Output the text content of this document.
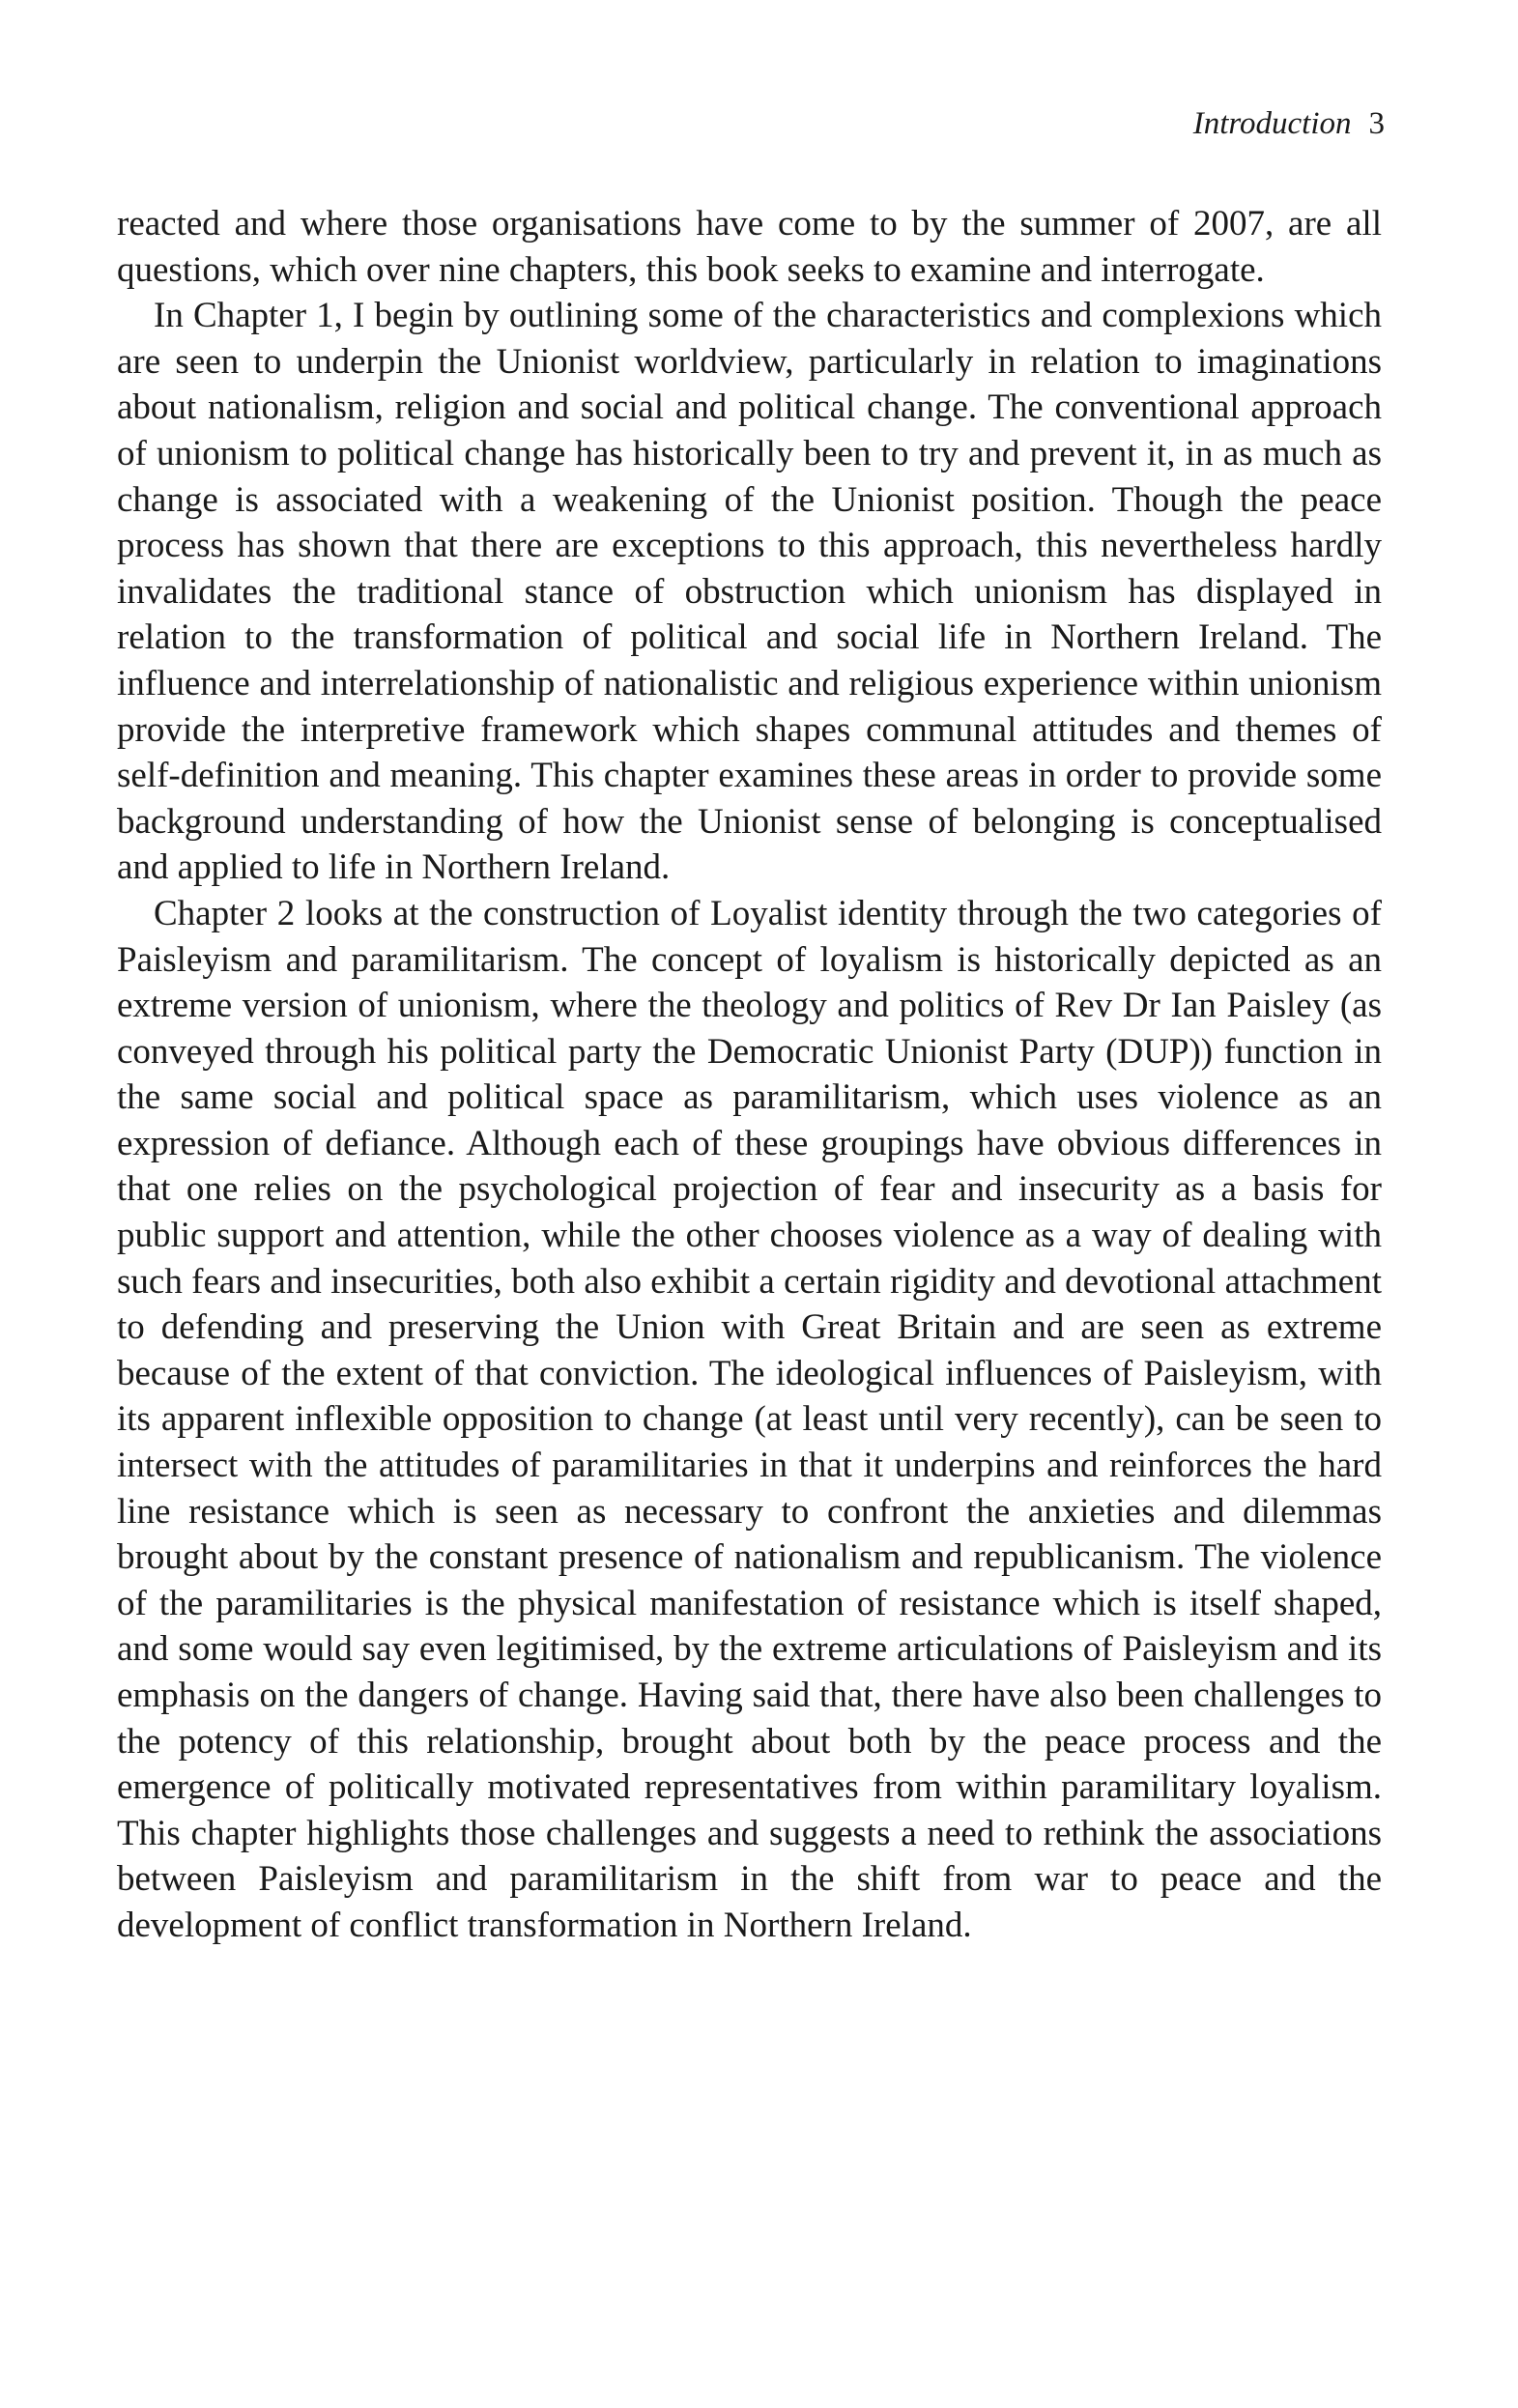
Introduction 3

reacted and where those organisations have come to by the summer of 2007, are all questions, which over nine chapters, this book seeks to examine and interrogate.

In Chapter 1, I begin by outlining some of the characteristics and complexions which are seen to underpin the Unionist worldview, particularly in relation to imaginations about nationalism, religion and social and political change. The conventional approach of unionism to political change has historically been to try and prevent it, in as much as change is associated with a weakening of the Unionist position. Though the peace process has shown that there are exceptions to this approach, this nevertheless hardly invalidates the traditional stance of obstruction which unionism has displayed in relation to the transformation of political and social life in Northern Ireland. The influence and interrelationship of nationalistic and religious experience within unionism provide the interpretive framework which shapes communal attitudes and themes of self-definition and meaning. This chapter examines these areas in order to provide some background understanding of how the Unionist sense of belonging is conceptualised and applied to life in Northern Ireland.

Chapter 2 looks at the construction of Loyalist identity through the two categories of Paisleyism and paramilitarism. The concept of loyalism is historically depicted as an extreme version of unionism, where the theology and politics of Rev Dr Ian Paisley (as conveyed through his political party the Democratic Unionist Party (DUP)) function in the same social and political space as paramilitarism, which uses violence as an expression of defiance. Although each of these groupings have obvious differences in that one relies on the psychological projection of fear and insecurity as a basis for public support and attention, while the other chooses violence as a way of dealing with such fears and insecurities, both also exhibit a certain rigidity and devotional attachment to defending and preserving the Union with Great Britain and are seen as extreme because of the extent of that conviction. The ideological influences of Paisleyism, with its apparent inflexible opposition to change (at least until very recently), can be seen to intersect with the attitudes of paramilitaries in that it underpins and reinforces the hard line resistance which is seen as necessary to confront the anxieties and dilemmas brought about by the constant presence of nationalism and republicanism. The violence of the paramilitaries is the physical manifestation of resistance which is itself shaped, and some would say even legitimised, by the extreme articulations of Paisleyism and its emphasis on the dangers of change. Having said that, there have also been challenges to the potency of this relationship, brought about both by the peace process and the emergence of politically motivated representatives from within paramilitary loyalism. This chapter highlights those challenges and suggests a need to rethink the associations between Paisleyism and paramilitarism in the shift from war to peace and the development of conflict transformation in Northern Ireland.
